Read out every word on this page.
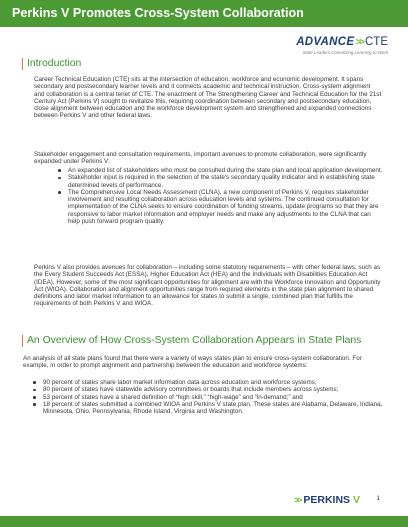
Perkins V Promotes Cross-System Collaboration
ADVANCE>> CTE
State Leaders Connecting Learning to Work
Introduction

Career Technical Education (CTE) sits at the intersection of education, workforce and economic development. It spans secondary and postsecondary learner levels and it connects academic and technical instruction. Cross-system alignment and collaboration is a central tenet of CTE. The enactment of The Strengthening Career and Technical Education for the 21st Century Act (Perkins V) sought to revitalize this, requiring coordination between secondary and postsecondary education, close alignment between education and the workforce development system and strengthened and expanded connections between Perkins V and other federal laws.

Stakeholder engagement and consultation requirements, important avenues to promote collaboration, were significantly expanded under Perkins V:

An expanded list of stakeholders who must be consulted during the state plan and local application development.
Stakeholder input is required in the selection of the state's secondary quality indicator and in establishing state determined levels of performance.
The Comprehensive Local Needs Assessment (CLNA), a new component of Perkins V, requires stakeholder involvement and resulting collaboration across education levels and systems. The continued consultation for implementation of the CLNA seeks to ensure coordination of funding streams, update programs so that they are responsive to labor market information and employer needs and make any adjustments to the CLNA that can help push forward program quality.

Perkins V also provides avenues for collaboration – including some statutory requirements – with other federal laws, such as the Every Student Succeeds Act (ESSA), Higher Education Act (HEA) and the Individuals with Disabilities Education Act (IDEA). However, some of the most significant opportunities for alignment are with the Workforce Innovation and Opportunity Act (WIOA). Collaboration and alignment opportunities range from required elements in the state plan alignment to shared definitions and labor market information to an allowance for states to submit a single, combined plan that fulfills the requirements of both Perkins V and WIOA.

An Overview of How Cross-System Collaboration Appears in State Plans

An analysis of all state plans found that there were a variety of ways states plan to ensure cross-system collaboration. For example, in order to prompt alignment and partnership between the education and workforce systems:

90 percent of states share labor market information data across education and workforce systems;
80 percent of states have statewide advisory committees or boards that include members across systems;
53 percent of states have a shared definition of “high skill,” “high-wage” and “in-demand;” and
18 percent of states submitted a combined WIOA and Perkins V state plan. These states are Alabama, Delaware, Indiana, Minnesota, Ohio, Pennsylvania, Rhode Island, Virginia and Washington.
>> PERKINS V	1
